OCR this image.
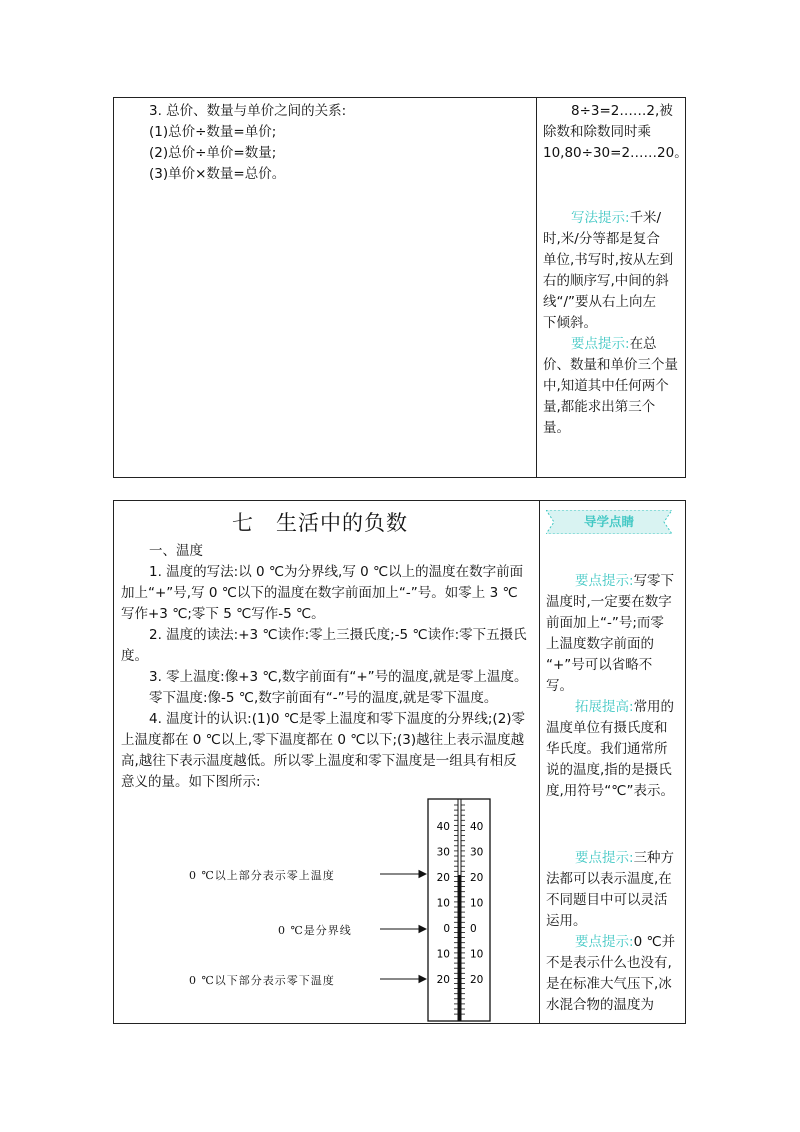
3. 总价、数量与单价之间的关系:

(1)总价÷数量=单价;

(2)总价÷单价=数量;

(3)单价×数量=总价。

8÷3=2……2,被

除数和除数同时乘

10,80÷30=2……20。

写法提示:千米/

时,米/分等都是复合

单位,书写时,按从左到

右的顺序写,中间的斜

线“/”要从右上向左

下倾斜。

要点提示:在总

价、数量和单价三个量

中,知道其中任何两个

量,都能求出第三个

量。

七　生活中的负数	导学点睛

一、温度

1. 温度的写法:以 0 ℃为分界线,写 0 ℃以上的温度在数字前面

加上“+”号,写 0 ℃以下的温度在数字前面加上“-”号。如零上 3 ℃

写作+3 ℃;零下 5 ℃写作-5 ℃。

2. 温度的读法:+3 ℃读作:零上三摄氏度;-5 ℃读作:零下五摄氏

度。

3. 零上温度:像+3 ℃,数字前面有“+”号的温度,就是零上温度。

零下温度:像-5 ℃,数字前面有“-”号的温度,就是零下温度。

4. 温度计的认识:(1)0 ℃是零上温度和零下温度的分界线;(2)零

上温度都在 0 ℃以上,零下温度都在 0 ℃以下;(3)越往上表示温度越

高,越往下表示温度越低。所以零上温度和零下温度是一组具有相反

意义的量。如下图所示:

0 ℃以上部分表示零上温度
0 ℃是分界线
0 ℃以下部分表示零下温度
40 40
30 30
20 20
10 10
0 0
10 10
20 20

要点提示:写零下

温度时,一定要在数字

前面加上“-”号;而零

上温度数字前面的

“+”号可以省略不

写。

拓展提高:常用的

温度单位有摄氏度和

华氏度。我们通常所

说的温度,指的是摄氏

度,用符号“℃”表示。

要点提示:三种方

法都可以表示温度,在

不同题目中可以灵活

运用。

要点提示:0 ℃并

不是表示什么也没有,

是在标准大气压下,冰

水混合物的温度为
